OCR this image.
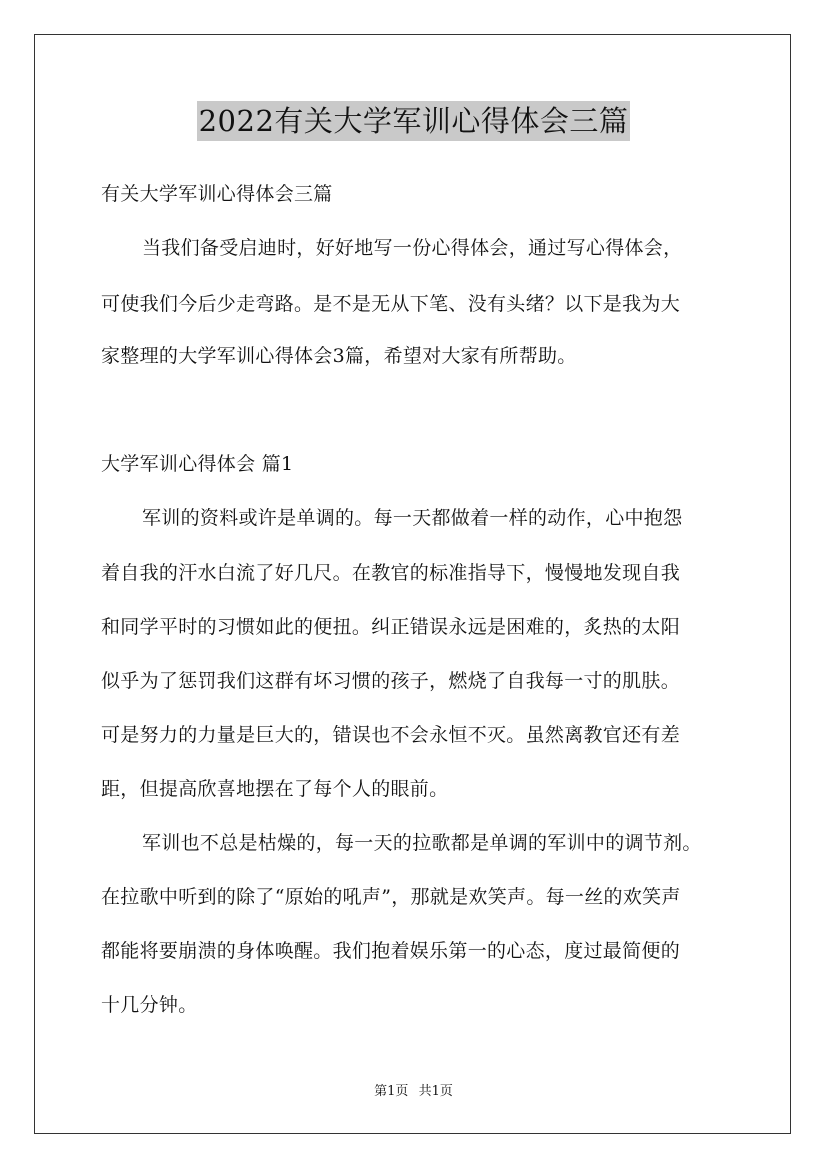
2022有关大学军训心得体会三篇
有关大学军训心得体会三篇
当我们备受启迪时，好好地写一份心得体会，通过写心得体会，
可使我们今后少走弯路。是不是无从下笔、没有头绪？以下是我为大
家整理的大学军训心得体会3篇，希望对大家有所帮助。
大学军训心得体会 篇1
军训的资料或许是单调的。每一天都做着一样的动作，心中抱怨
着自我的汗水白流了好几尺。在教官的标准指导下，慢慢地发现自我
和同学平时的习惯如此的便扭。纠正错误永远是困难的，炙热的太阳
似乎为了惩罚我们这群有坏习惯的孩子，燃烧了自我每一寸的肌肤。
可是努力的力量是巨大的，错误也不会永恒不灭。虽然离教官还有差
距，但提高欣喜地摆在了每个人的眼前。
军训也不总是枯燥的，每一天的拉歌都是单调的军训中的调节剂。
在拉歌中听到的除了“原始的吼声”，那就是欢笑声。每一丝的欢笑声
都能将要崩溃的身体唤醒。我们抱着娱乐第一的心态，度过最简便的
十几分钟。
第1页 共1页
